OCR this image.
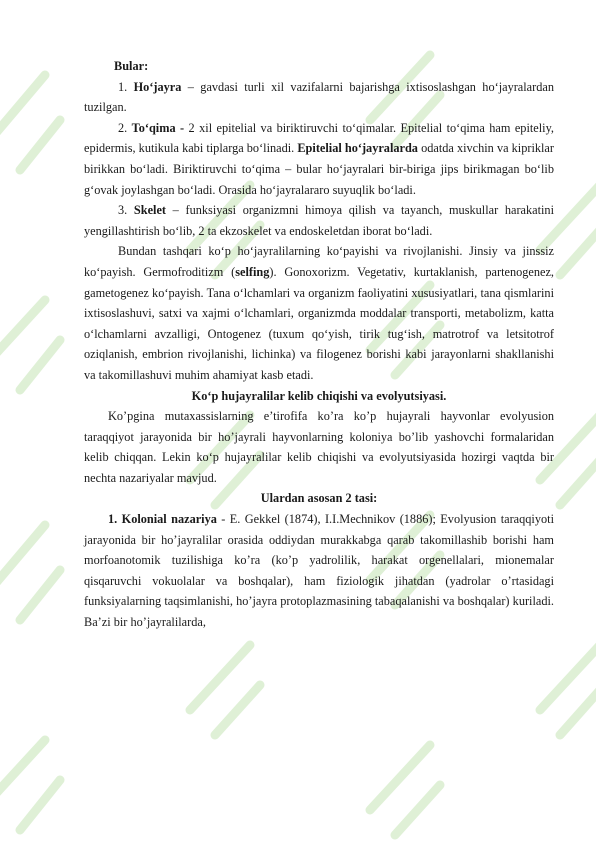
Bular:

1. Ho‘jayra – gavdasi turli xil vazifalarni bajarishga ixtisoslashgan ho‘jayralardan tuzilgan.

2. To‘qima - 2 xil epitelial va biriktiruvchi to‘qimalar. Epitelial to‘qima ham epiteliy, epidermis, kutikula kabi tiplarga bo‘linadi. Epitelial ho‘jayralarda odatda xivchin va kipriklar birikkan bo‘ladi. Biriktiruvchi to‘qima – bular ho‘jayralari bir-biriga jips birikmagan bo‘lib g‘ovak joylashgan bo‘ladi. Orasida ho‘jayralararo suyuqlik bo‘ladi.

3. Skelet – funksiyasi organizmni himoya qilish va tayanch, muskullar harakatini yengillashtirish bo‘lib, 2 ta ekzoskelet va endoskeletdan iborat bo‘ladi.

Bundan tashqari ko‘p ho‘jayralilarning ko‘payishi va rivojlanishi. Jinsiy va jinssiz ko‘payish. Germofroditizm (selfing). Gonoxorizm. Vegetativ, kurtaklanish, partenogenez, gametogenez ko‘payish. Tana o‘lchamlari va organizm faoliyatini xususiyatlari, tana qismlarini ixtisoslashuvi, satxi va xajmi o‘lchamlari, organizmda moddalar transporti, metabolizm, katta o‘lchamlarni avzalligi, Ontogenez (tuxum qo‘yish, tirik tug‘ish, matrotrof va letsitotrof oziqlanish, embrion rivojlanishi, lichinka) va filogenez borishi kabi jarayonlarni shakllanishi va takomillashuvi muhim ahamiyat kasb etadi.

Ko‘p hujayralilar kelib chiqishi va evolyutsiyasi.

Ko’pgina mutaxassislarning e’tirofifa ko’ra ko’p hujayrali hayvonlar evolyusion taraqqiyot jarayonida bir ho’jayrali hayvonlarning koloniya bo’lib yashovchi formalaridan kelib chiqqan. Lekin ko‘p hujayralilar kelib chiqishi va evolyutsiyasida hozirgi vaqtda bir nechta nazariyalar mavjud.

Ulardan asosan 2 tasi:

1. Kolonial nazariya - E. Gekkel (1874), I.I.Mechnikov (1886); Evolyusion taraqqiyoti jarayonida bir ho’jayralilar orasida oddiydan murakkabga qarab takomillashib borishi ham morfoanotomik tuzilishiga ko’ra (ko’p yadrolilik, harakat orgenellalari, mionemalar qisqaruvchi vokuolalar va boshqalar), ham fiziologik jihatdan (yadrolar o’rtasidagi funksiyalarning taqsimlanishi, ho’jayra protoplazmasining tabaqalanishi va boshqalar) kuriladi. Ba’zi bir ho’jayralilarda,
